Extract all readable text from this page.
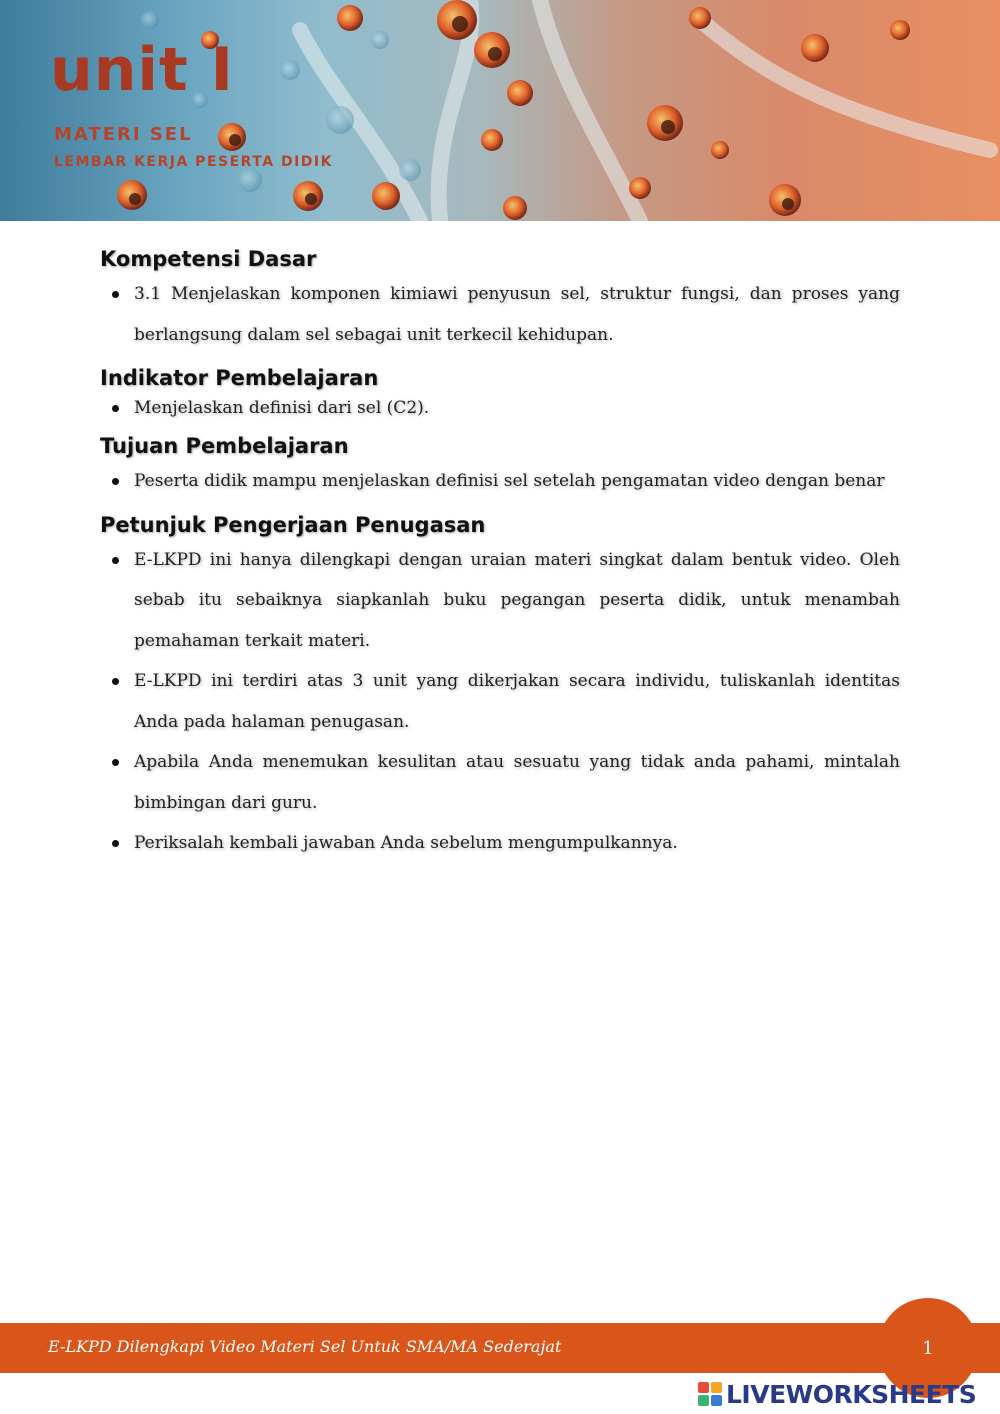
unit I
MATERI SEL
LEMBAR KERJA PESERTA DIDIK
Kompetensi Dasar
3.1 Menjelaskan komponen kimiawi penyusun sel, struktur fungsi, dan proses yang berlangsung dalam sel sebagai unit terkecil kehidupan.
Indikator Pembelajaran
Menjelaskan definisi dari sel (C2).
Tujuan Pembelajaran
Peserta didik mampu menjelaskan definisi sel setelah pengamatan video dengan benar
Petunjuk Pengerjaan Penugasan
E-LKPD ini hanya dilengkapi dengan uraian materi singkat dalam bentuk video. Oleh sebab itu sebaiknya siapkanlah buku pegangan peserta didik, untuk menambah pemahaman terkait materi.
E-LKPD ini terdiri atas 3 unit yang dikerjakan secara individu, tuliskanlah identitas Anda pada halaman penugasan.
Apabila Anda menemukan kesulitan atau sesuatu yang tidak anda pahami, mintalah bimbingan dari guru.
Periksalah kembali jawaban Anda sebelum mengumpulkannya.
E-LKPD Dilengkapi Video Materi Sel Untuk SMA/MA Sederajat	1
LIVEWORKSHEETS
